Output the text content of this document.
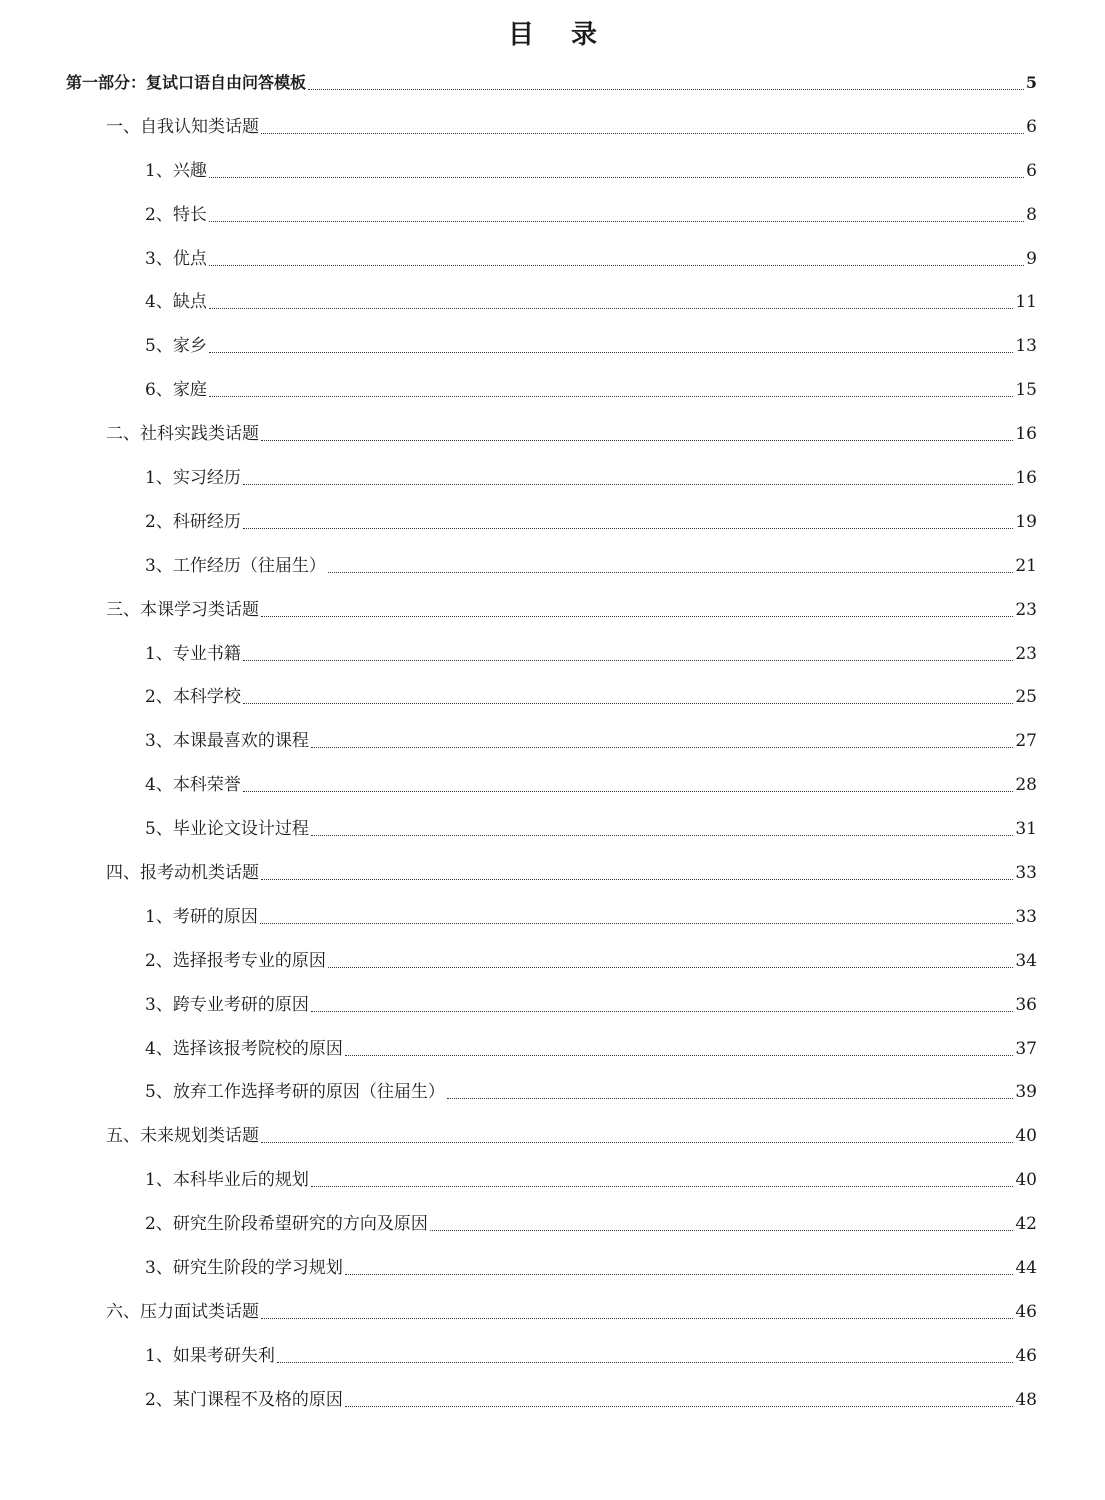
目 录
第一部分：复试口语自由问答模板	5
一、自我认知类话题	6
1、兴趣	6
2、特长	8
3、优点	9
4、缺点	11
5、家乡	13
6、家庭	15
二、社科实践类话题	16
1、实习经历	16
2、科研经历	19
3、工作经历（往届生）	21
三、本课学习类话题	23
1、专业书籍	23
2、本科学校	25
3、本课最喜欢的课程	27
4、本科荣誉	28
5、毕业论文设计过程	31
四、报考动机类话题	33
1、考研的原因	33
2、选择报考专业的原因	34
3、跨专业考研的原因	36
4、选择该报考院校的原因	37
5、放弃工作选择考研的原因（往届生）	39
五、未来规划类话题	40
1、本科毕业后的规划	40
2、研究生阶段希望研究的方向及原因	42
3、研究生阶段的学习规划	44
六、压力面试类话题	46
1、如果考研失利	46
2、某门课程不及格的原因	48
